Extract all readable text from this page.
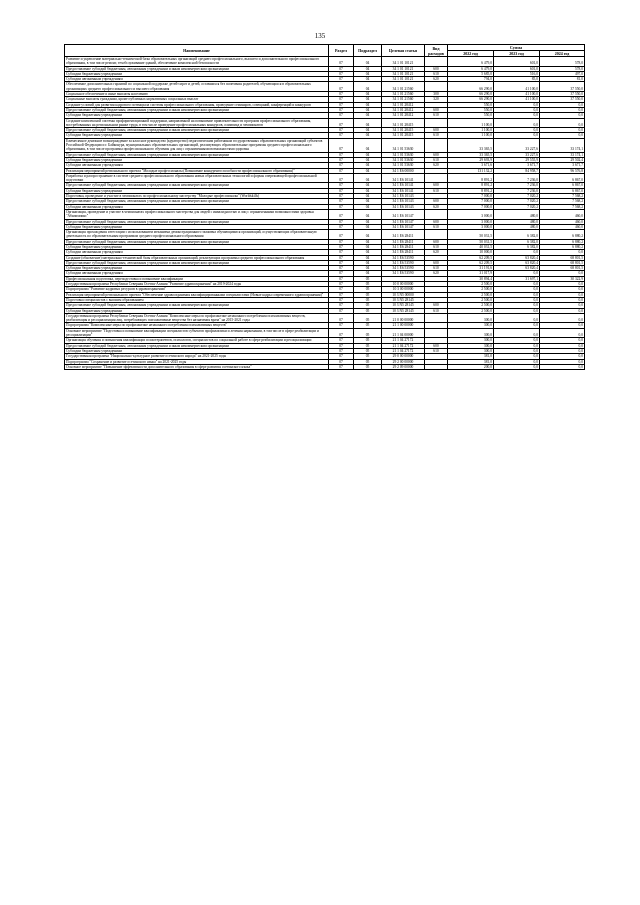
135
Наименование	Раздел	Подраздел	Целевая статья	Вид расходов	Сумма		
					2022 год	2023 год	2024 год
Развитие и укрепление материально-технической базы образовательных организаций среднего профессионального, высшего и дополнительного профессионального образования, в том числе ремонт, техобслуживание зданий, обеспечение комплексной безопасности	07	04	34 1 01 10121		6 479,0	601,0	578,0
Предоставление субсидий бюджетным, автономным учреждениям и иным некоммерческим организациям	07	04	34 1 01 10121	600	6 479,0	601,0	578,0
Субсидии бюджетным учреждениям	07	04	34 1 01 10121	610	5 685,0	516,0	497,0
Субсидии автономным учреждениям	07	04	34 1 01 10121	620	794,0	85,0	81,0
Обеспечение дополнительных гарантий по социальной поддержке детей-сирот и детей, оставшихся без попечения родителей, обучающихся в образовательных организациях среднего профессионального и высшего образования	07	04	34 1 01 21560		66 290,0	41 100,0	37 550,0
Социальное обеспечение и иные выплаты населению	07	04	34 1 01 21560	300	66 290,0	41 100,0	37 550,0
Социальные выплаты гражданам, кроме публичных нормативных социальных выплат	07	04	34 1 01 21560	320	66 290,0	41 100,0	37 550,0
Создание условий для развития кадрового потенциала системы профессионального образования, проведение семинаров, совещаний, конференций и конкурсов	07	04	34 1 01 28412		550,0	0,0	0,0
Предоставление субсидий бюджетным, автономным учреждениям и иным некоммерческим организациям	07	04	34 1 01 28412	600	550,0	0,0	0,0
Субсидии бюджетным учреждениям	07	04	34 1 01 28412	610	550,0	0,0	0,0
Создание комплексной системы профориентационной поддержки, направленной на повышение привлекательности программ профессионального образования, востребованных на региональном рынке труда, в том числе проведение профессиональных конкурсов, олимпиад и чемпионатов	07	04	34 1 01 28415		1 100,0	0,0	0,0
Предоставление субсидий бюджетным, автономным учреждениям и иным некоммерческим организациям	07	04	34 1 01 28415	600	1 100,0	0,0	0,0
Субсидии бюджетным учреждениям	07	04	34 1 01 28415	610	1 100,0	0,0	0,0
Ежемесячное денежное вознаграждение за классное руководство (кураторство) педагогическим работникам государственных образовательных организаций субъектов Российской Федерации и г. Байконура, муниципальных образовательных организаций, реализующих образовательные программы среднего профессионального образования, в том числе программы профессионального обучения для лиц с ограниченными возможностями здоровья	07	04	34 1 01 53630		33 365,5	33 227,6	33 174,1
Предоставление субсидий бюджетным, автономным учреждениям и иным некоммерческим организациям	07	04	34 1 01 53630	600	33 365,5	33 227,6	33 174,1
Субсидии бюджетным учреждениям	07	04	34 1 01 53630	610	29 693,9	29 555,9	29 502,4
Субсидии автономным учреждениям	07	04	34 1 01 53630	620	3 671,6	3 671,7	3 671,7
Реализация мероприятий регионального проекта "Молодые профессионалы (Повышение конкурентоспособности профессионального образования)"	07	04	34 1 E6 00000		131 132,2	84 958,7	96 576,8
Разработка и распространение в системе среднего профессионального образования новых образовательных технологий и формы опережающей профессиональной подготовки	07	04	34 1 E6 10141		8 891,2	7 236,0	6 867,0
Предоставление субсидий бюджетным, автономным учреждениям и иным некоммерческим организациям	07	04	34 1 E6 10141	600	8 891,2	7 236,0	6 867,0
Субсидии бюджетным учреждениям	07	04	34 1 E6 10141	610	8 891,2	7 236,0	6 867,0
Подготовка, проведение и участие в чемпионатах по профессиональному мастерству "Молодые профессионалы" (Worldskills)	07	04	34 1 E6 10143		7 000,0	7 020,2	7 568,2
Предоставление субсидий бюджетным, автономным учреждениям и иным некоммерческим организациям	07	04	34 1 E6 10143	600	7 000,0	7 020,2	7 568,2
Субсидии автономным учреждениям	07	04	34 1 E6 10143	620	7 000,0	7 020,2	7 568,2
Организация, проведение и участие в чемпионатах профессионального мастерства для людей с инвалидностью и лиц с ограниченными возможностями здоровья "Абилимпикс"	07	04	34 1 E6 10147		3 000,0	480,0	460,0
Предоставление субсидий бюджетным, автономным учреждениям и иным некоммерческим организациям	07	04	34 1 E6 10147	600	3 000,0	480,0	460,0
Субсидии бюджетным учреждениям	07	04	34 1 E6 10147	610	3 000,0	480,0	460,0
Организация прохождения аттестации с использованием механизма демонстрационного экзамена обучающимися организаций, осуществляющих образовательную деятельность по образовательным программам среднего профессионального образования	07	04	34 1 E6 28411		50 031,5	6 382,0	6 880,2
Предоставление субсидий бюджетным, автономным учреждениям и иным некоммерческим организациям	07	04	34 1 E6 28411	600	50 031,5	6 382,0	6 880,2
Субсидии бюджетным учреждениям	07	04	34 1 E6 28411	610	40 031,5	6 382,0	6 880,2
Субсидии автономным учреждениям	07	04	34 1 E6 28411	620	10 000,0	0,0	0,0
Создание (обновление) материально-технической базы образовательных организаций, реализующих программы среднего профессионального образования	07	04	34 1 E6 53590		62 209,5	63 820,4	68 801,5
Предоставление субсидий бюджетным, автономным учреждениям и иным некоммерческим организациям	07	04	34 1 E6 53590	600	62 209,5	63 820,4	68 801,5
Субсидии бюджетным учреждениям	07	04	34 1 E6 53590	610	31 191,6	63 820,4	68 801,5
Субсидии автономным учреждениям	07	04	34 1 E6 53590	620	31 017,9	0,0	0,0
Профессиональная подготовка, переподготовка и повышение квалификации	07	05			30 894,4	31 697,1	30 322,9
Государственная программа Республики Северная Осетия-Алания "Развитие здравоохранения" на 2019-2024 годы	07	05	10 0 00 00000		2 500,0	0,0	0,0
Подпрограмма "Развитие кадровых ресурсов в здравоохранении"	07	05	10 3 00 00000		2 500,0	0,0	0,0
Реализация мероприятий регионального проекта "Обеспечение здравоохранения квалифицированными специалистами (Новые кадры современного здравоохранения)"	07	05	10 3 N5 00000		2 500,0	0,0	0,0
Подготовка специалистов с высшим образованием	07	05	10 3 N5 28145		2 500,0	0,0	0,0
Предоставление субсидий бюджетным, автономным учреждениям и иным некоммерческим организациям	07	05	10 3 N5 28145	600	2 500,0	0,0	0,0
Субсидии бюджетным учреждениям	07	05	10 3 N5 28145	610	2 500,0	0,0	0,0
Государственная программа Республики Северная Осетия-Алания "Комплексные меры по профилактике незаконного потребления психоактивных веществ, реабилитация и ресоциализация лиц, потребляющих психоактивные вещества без назначения врача" на 2015-2021 годы	07	05	21 0 00 00000		300,0	0,0	0,0
Подпрограмма "Комплексные меры по профилактике незаконного потребления психоактивных веществ"	07	05	21 1 00 00000		300,0	0,0	0,0
Основное мероприятие "Подготовка и повышение квалификации специалистов субъектов профилактики и лечения наркомании, в том числе в сфере реабилитации и ресоциализации"	07	05	21 1 04 00000		300,0	0,0	0,0
Организация обучения и повышения квалификации психотерапевтов, психологов, специалистов по социальной работе в сфере реабилитации и ресоциализации	07	05	21 1 04 27172		300,0	0,0	0,0
Предоставление субсидий бюджетным, автономным учреждениям и иным некоммерческим организациям	07	05	21 1 04 27172	600	300,0	0,0	0,0
Субсидии бюджетным учреждениям	07	05	21 1 04 27172	610	300,0	0,0	0,0
Государственная программа "Национально-культурное развитие осетинского народа" на 2021-2025 годы	07	05	29 0 00 00000		381,0	0,0	0,0
Подпрограмма "Сохранение и развитие осетинского языка" на 2021-2025 годы	07	05	29 2 00 00000		381,0	0,0	0,0
Основное мероприятие "Повышение эффективности дополнительного образования в сфере развития осетинского языка"	07	05	29 2 09 00000		200,0	0,0	0,0
